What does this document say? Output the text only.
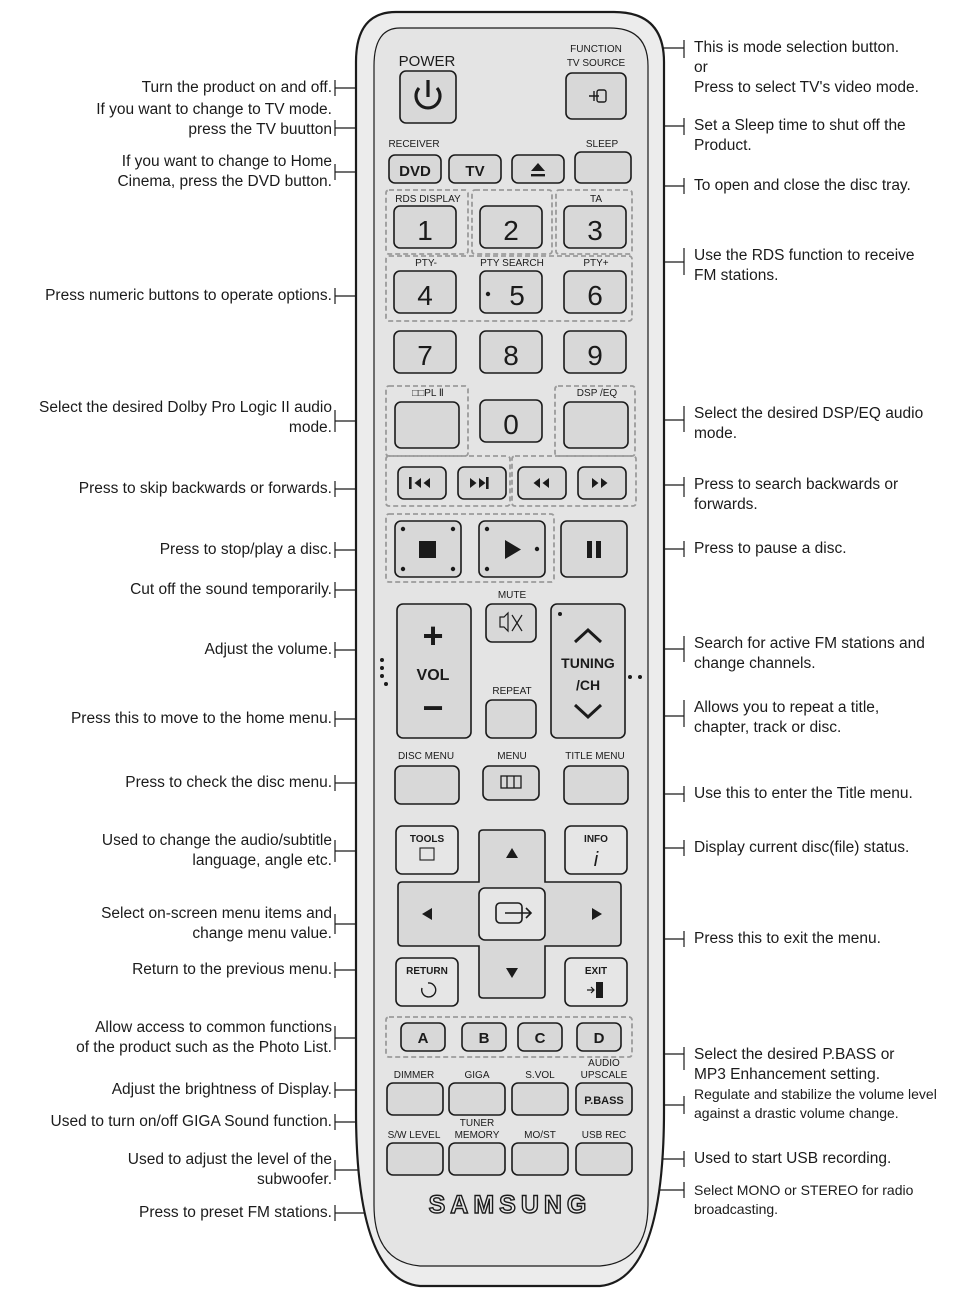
POWER
FUNCTION
TV SOURCE
RECEIVER
DVD TV
SLEEP
1	2 3
4	5 6
7	8 9
0
RDS DISPLAY	TA
PTY-	PTY SEARCH	PTY+
□□PL Ⅱ	DSP /EQ
+
VOL
−
MUTE
TUNING
/CH
REPEAT
DISC MENU	MENU	TITLE MENU
TOOLS	INFO
i
RETURN	EXIT
A	B	C	D
DIMMER	GIGA	S.VOL
AUDIO
UPSCALE
P.BASS
S/W LEVEL
TUNER
MEMORY MO/ST	USB REC
SAMSUNG
Turn the product on and off.
If you want to change to TV mode.
press the TV buutton
If you want to change to Home
Cinema, press the DVD button.
Press numeric buttons to operate options.
Select the desired Dolby Pro Logic II audio
mode.
Press to skip backwards or forwards.
Press to stop/play a disc.
Cut off the sound temporarily.
Adjust the volume.
Press this to move to the home menu.
Press to check the disc menu.
Used to change the audio/subtitle
language, angle etc.
Select on-screen menu items and
change menu value.
Return to the previous menu.
Allow access to common functions
of the product such as the Photo List.
Adjust the brightness of Display.
Used to turn on/off GIGA Sound function.
Used to adjust the level of the
subwoofer.
Press to preset FM stations.
This is mode selection button.
or
Press to select TV's video mode.
Set a Sleep time to shut off the
Product.
To open and close the disc tray.
Use the RDS function to receive
FM stations.
Select the desired DSP/EQ audio
mode.
Press to search backwards or
forwards.
Press to pause a disc.
Search for active FM stations and
change channels.
Allows you to repeat a title,
chapter, track or disc.
Use this to enter the Title menu.
Display current disc(file) status.
Press this to exit the menu.
Select the desired P.BASS or
MP3 Enhancement setting.
Regulate and stabilize the volume level
against a drastic volume change.
Used to start USB recording.
Select MONO or STEREO for radio
broadcasting.
